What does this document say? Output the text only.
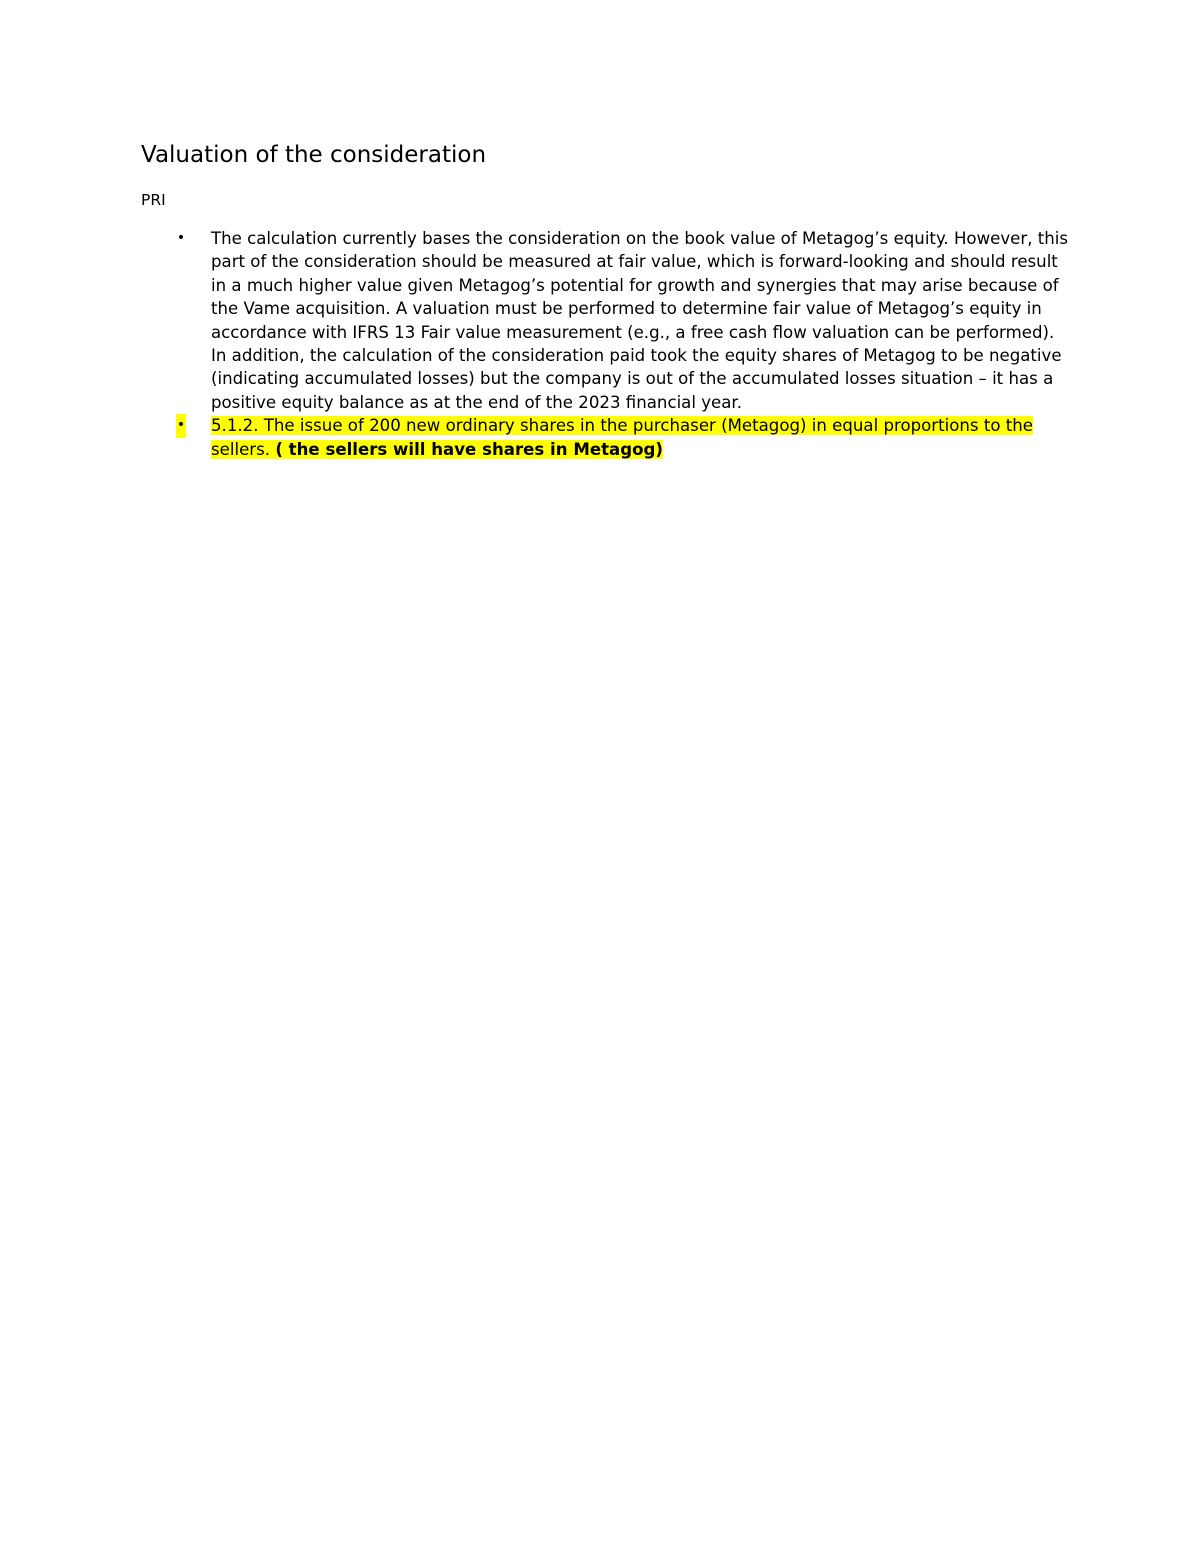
Valuation of the consideration

PRI

• The calculation currently bases the consideration on the book value of Metagog’s equity. However, this part of the consideration should be measured at fair value, which is forward-looking and should result in a much higher value given Metagog’s potential for growth and synergies that may arise because of the Vame acquisition. A valuation must be performed to determine fair value of Metagog’s equity in accordance with IFRS 13 Fair value measurement (e.g., a free cash flow valuation can be performed). In addition, the calculation of the consideration paid took the equity shares of Metagog to be negative (indicating accumulated losses) but the company is out of the accumulated losses situation – it has a positive equity balance as at the end of the 2023 financial year.
• 5.1.2. The issue of 200 new ordinary shares in the purchaser (Metagog) in equal proportions to the sellers. ( the sellers will have shares in Metagog)
